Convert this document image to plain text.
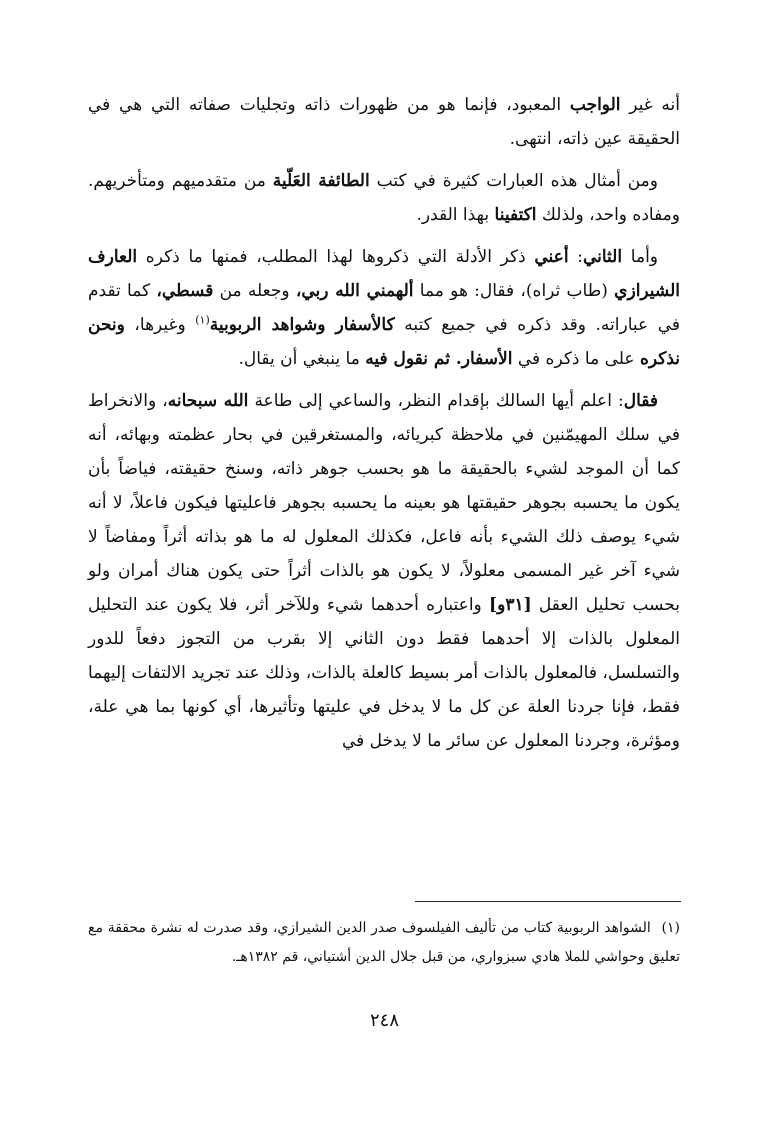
أنه غير الواجب المعبود، فإنما هو من ظهورات ذاته وتجليات صفاته التي هي في الحقيقة عين ذاته، انتهى.

ومن أمثال هذه العبارات كثيرة في كتب الطائفة العَلّية من متقدميهم ومتأخريهم. ومفاده واحد، ولذلك اكتفينا بهذا القدر.

وأما الثاني: أعني ذكر الأدلة التي ذكروها لهذا المطلب، فمنها ما ذكره العارف الشيرازي (طاب ثراه)، فقال: هو مما ألهمني الله ربي، وجعله من قسطي، كما تقدم في عباراته. وقد ذكره في جميع كتبه كالأسفار وشواهد الربوبية$^{(١)}$ وغيرها، ونحن نذكره على ما ذكره في الأسفار. ثم نقول فيه ما ينبغي أن يقال.

فقال: اعلم أيها السالك بإقدام النظر، والساعي إلى طاعة الله سبحانه، والانخراط في سلك المهيمّنين في ملاحظة كبريائه، والمستغرقين في بحار عظمته وبهائه، أنه كما أن الموجد لشيء بالحقيقة ما هو بحسب جوهر ذاته، وسنخ حقيقته، فياضاً بأن يكون ما يحسبه بجوهر حقيقتها هو بعينه ما يحسبه بجوهر فاعليتها فيكون فاعلاً، لا أنه شيء يوصف ذلك الشيء بأنه فاعل، فكذلك المعلول له ما هو بذاته أثراً ومفاضاً لا شيء آخر غير المسمى معلولاً، لا يكون هو بالذات أثراً حتى يكون هناك أمران ولو بحسب تحليل العقل [٣١و] واعتباره أحدهما شيء وللآخر أثر، فلا يكون عند التحليل المعلول بالذات إلا أحدهما فقط دون الثاني إلا بقرب من التجوز دفعاً للدور والتسلسل، فالمعلول بالذات أمر بسيط كالعلة بالذات، وذلك عند تجريد الالتفات إليهما فقط، فإنا جردنا العلة عن كل ما لا يدخل في عليتها وتأثيرها، أي كونها بما هي علة، ومؤثرة، وجردنا المعلول عن سائر ما لا يدخل في

(١) الشواهد الربوبية كتاب من تأليف الفيلسوف صدر الدين الشيرازي، وقد صدرت له نشرة محققة مع تعليق وحواشي للملا هادي سبزواري، من قبل جلال الدين أشتياني، قم ١٣٨٢هـ.
٢٤٨
